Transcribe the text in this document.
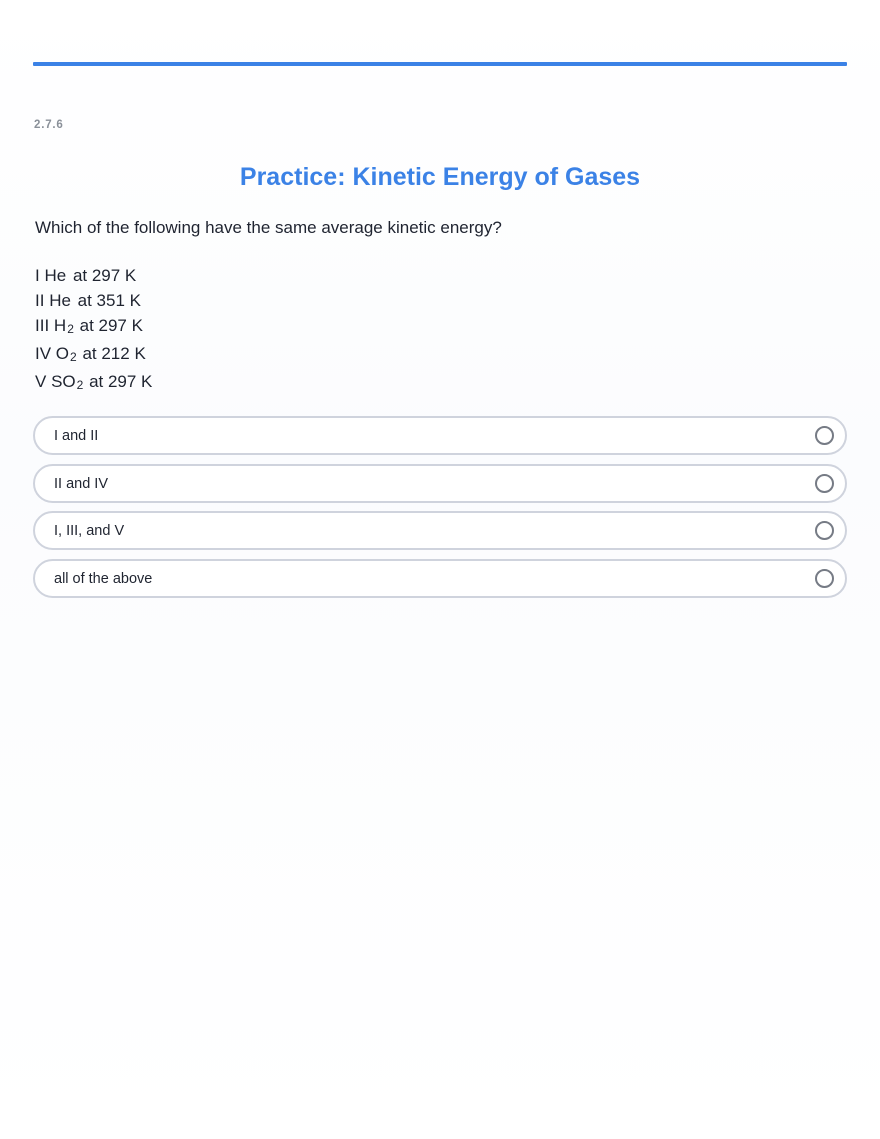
2.7.6
Practice: Kinetic Energy of Gases
Which of the following have the same average kinetic energy?
I He at 297 K
II He at 351 K
III $H_2$ at 297 K
IV $O_2$ at 212 K
V $SO_2$ at 297 K
I and II
II and IV
I, III, and V
all of the above
